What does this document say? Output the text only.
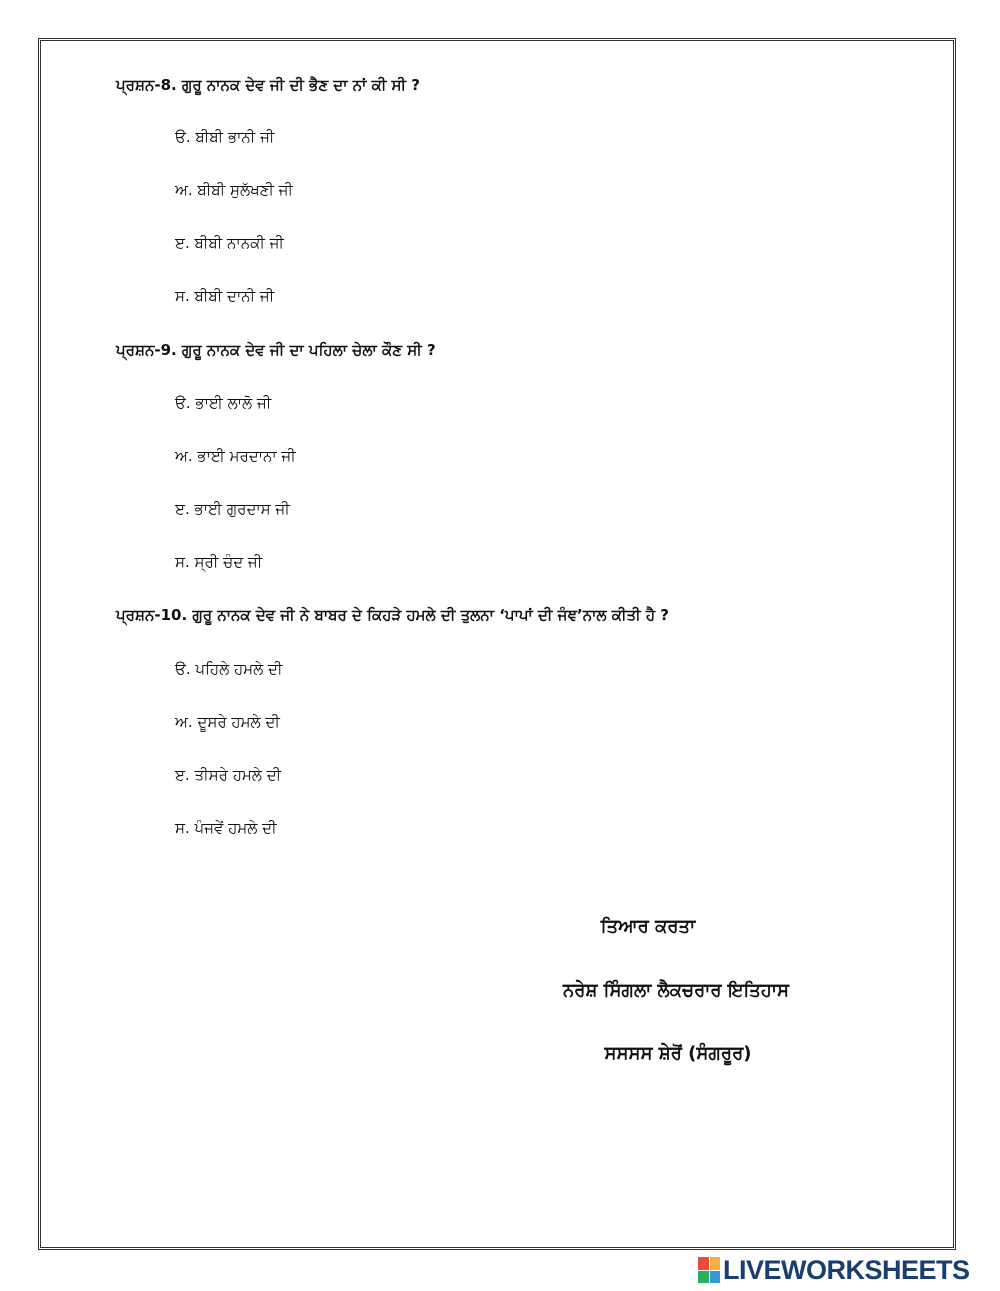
ਪ੍ਰਸ਼ਨ-8. ਗੁਰੂ ਨਾਨਕ ਦੇਵ ਜੀ ਦੀ ਭੈਣ ਦਾ ਨਾਂ ਕੀ ਸੀ ?
ੳ. ਬੀਬੀ ਭਾਨੀ ਜੀ
ਅ. ਬੀਬੀ ਸੁਲੱਖਣੀ ਜੀ
ੲ. ਬੀਬੀ ਨਾਨਕੀ ਜੀ
ਸ. ਬੀਬੀ ਦਾਨੀ ਜੀ
ਪ੍ਰਸ਼ਨ-9. ਗੁਰੂ ਨਾਨਕ ਦੇਵ ਜੀ ਦਾ ਪਹਿਲਾ ਚੇਲਾ ਕੌਣ ਸੀ ?
ੳ. ਭਾਈ ਲਾਲੋ ਜੀ
ਅ. ਭਾਈ ਮਰਦਾਨਾ ਜੀ
ੲ. ਭਾਈ ਗੁਰਦਾਸ ਜੀ
ਸ. ਸ੍ਰੀ ਚੰਦ ਜੀ
ਪ੍ਰਸ਼ਨ-10. ਗੁਰੂ ਨਾਨਕ ਦੇਵ ਜੀ ਨੇ ਬਾਬਰ ਦੇ ਕਿਹੜੇ ਹਮਲੇ ਦੀ ਤੁਲਨਾ ‘ਪਾਪਾਂ ਦੀ ਜੰਞ’ਨਾਲ ਕੀਤੀ ਹੈ ?
ੳ. ਪਹਿਲੇ ਹਮਲੇ ਦੀ
ਅ. ਦੂਸਰੇ ਹਮਲੇ ਦੀ
ੲ. ਤੀਸਰੇ ਹਮਲੇ ਦੀ
ਸ. ਪੰਜਵੇਂ ਹਮਲੇ ਦੀ
ਤਿਆਰ ਕਰਤਾ
ਨਰੇਸ਼ ਸਿੰਗਲਾ ਲੈਕਚਰਾਰ ਇਤਿਹਾਸ
ਸਸਸਸ ਸ਼ੇਰੋਂ (ਸੰਗਰੂਰ)
LIVEWORKSHEETS
